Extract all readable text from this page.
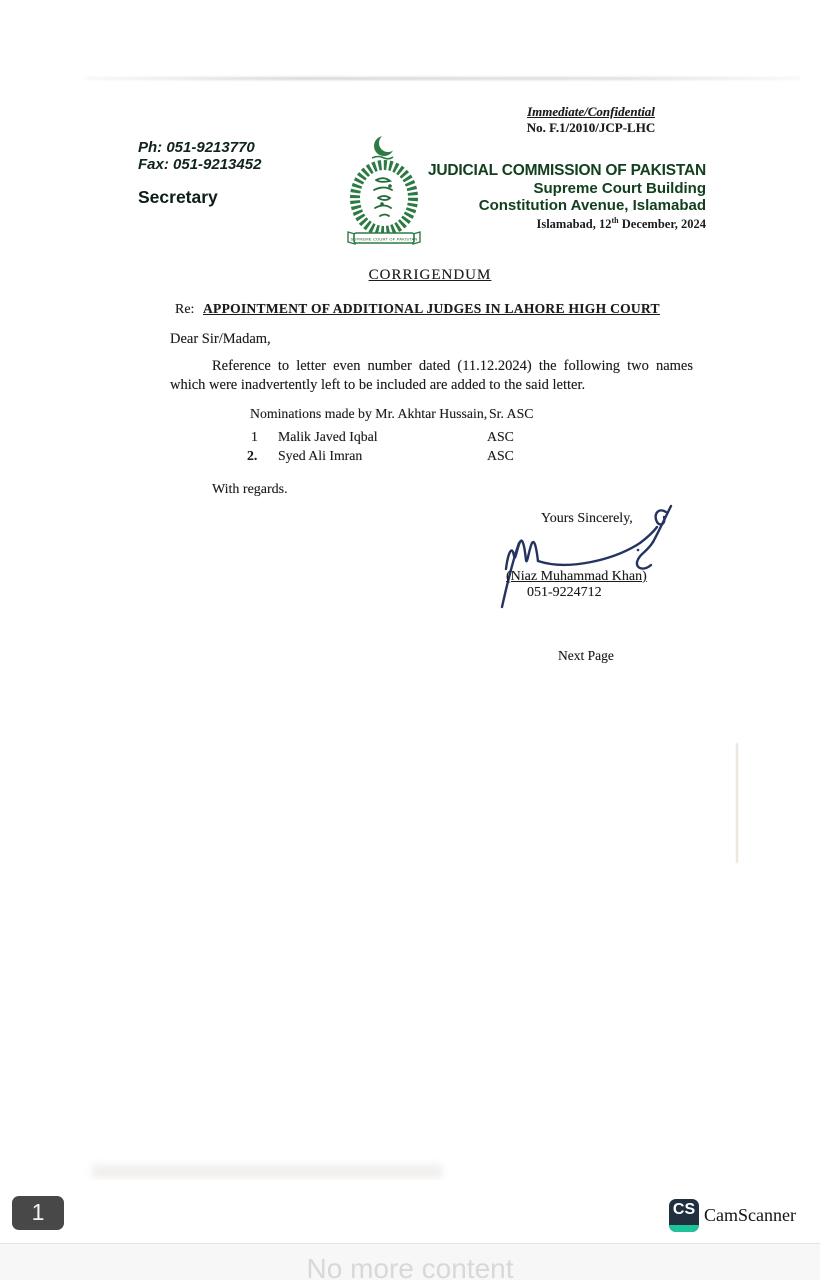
Immediate/Confidential
No. F.1/2010/JCP-LHC
Ph: 051-9213770
Fax: 051-9213452
Secretary
SUPREME COURT OF PAKISTAN
JUDICIAL COMMISSION OF PAKISTAN
Supreme Court Building
Constitution Avenue, Islamabad
Islamabad, 12th December, 2024
CORRIGENDUM
Re: APPOINTMENT OF ADDITIONAL JUDGES IN LAHORE HIGH COURT
Dear Sir/Madam,
Reference to letter even number dated (11.12.2024) the following two names which were inadvertently left to be included are added to the said letter.
Nominations made by Mr. Akhtar Hussain, Sr. ASC
1 Malik Javed Iqbal	ASC
2. Syed Ali Imran	ASC
With regards.
Yours Sincerely,
(Niaz Muhammad Khan)
051-9224712
Next Page
1	CS CamScanner
No more content
